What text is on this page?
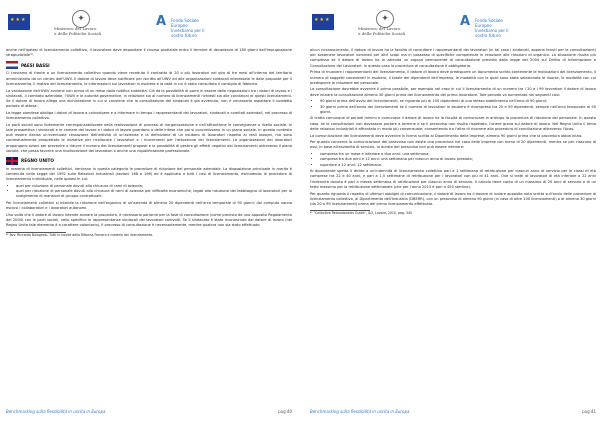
★★★
✦
Ministero del Lavoro
e delle Politiche Sociali
A Fondo Sociale Europeo Investiamo per il vostro futuro

anche nell'ipotesi di licenziamento collettivo, il lavoratore deve depositare il ricorso giudiziale entro il termine di decadenza di 180 giorni dall'impugnazione stragiudiziale⁴¹.

PAESI BASSI

Ci troviamo di fronte a un licenziamento collettivo quando viene receduto il contratto di 20 o più lavoratori nel giro di tre mesi all'interno del territorio amministrato da un centro dell'UWV. Il datore di lavoro deve notificare per iscritto all'UWV ed alle organizzazioni sindacali interessate le date proposte per il licenziamento, il motivo del licenziamento, le informazioni sui lavoratori in esubero e la data in cui è stato consultato il consiglio di fabbrica.

La valutazione dell'UWV avviene non prima di un mese dalla notifica suddetta. Ciò dà la possibilità di porre in essere delle negoziazioni tra i datori di lavoro e i sindacati, il comitato aziendale, l'UWV e le autorità governative, in relazione sia al numero di licenziamenti richiesti sia alle condizioni di questi licenziamenti. Se il datore di lavoro allega una dichiarazione in cui si conviene che la consultazione dei sindacati è già avvenuta, non è necessario aspettare il suddetto periodo di attesa.

La legge olandese obbliga i datori di lavoro a coinvolgere e a informare in tempo i rappresentanti dei lavoratori, sindacati e comitati aziendali, nel processo di licenziamento collettivo.

Le parti sociali sono fortemente corresponsabilizzate nella realizzazione di processi di riorganizzazione e nell'affrontarne le conseguenze a livello sociale. In tale prospettiva i sindacati e le camere del lavoro e i datori di lavoro guardano a delle intese che poi si concretizzano in un piano sociale. In questo contesto può essere decisa un'eventuale cessazione dell'attività di un'azienda e la definizione di un esubero di lavoratori rispetto ai reali bisogni, ma sono contestualmente prospettate le iniziative per ricollocare i lavoratori e i ricorrimenti per l'attuazione dei licenziamenti. Le organizzazioni dei lavoratori propongono azioni per prevenire o ridurre il numero dei licenziamenti proposti e la possibilità di gestire gli effetti negativi dei licenziamenti attraverso il piano sociale, che possa favorire una ricollocazione dei lavoratori o anche una riqualificazione professionale.

REGNO UNITO

In materia di licenziamenti collettivi, rientrano in questa categoria le procedure di riduzione del personale aziendale. La disposizione principale in merito è contenuta nella Legge del 1992 sulle Relazioni Industriali (sezioni 188 e 196) ed è applicata a tutti i casi di licenziamento, escludendo le procedure di licenziamento individuale, nelle ipotesi in cui:

• quel per riduzione di personale dovuti alla chiusura di rami di azienda;
• quel per riduzione di personale dovuti alla chiusura di rami di azienda per difficoltà economiche, legati alla riduzione del fabbisogno di lavoratori per lo svolgimento di mansioni di gruppo contrattuale.

Per licenziamenti collettivi si intende la riduzione dell'organico di un'azienda di almeno 20 dipendenti nell'arco temporale di 90 giorni; dal computo vanno esclusi i collaboratori e i lavoratori autonomi.

Una volta che il datore di lavoro intende avviare la procedura, è necessario parlarne per la fase di consultazione (come previsto da uno apposito Regolamento del 2004) con le parti sociali, nello specifico le rappresentanze sindacali dei lavoratori coinvolti. Se il sindacato è stato riconosciuto dal datore di lavoro (nel Regno Unito tale elemento è a carattere volontario), il processo di consultazione è necessariamente, mentre qualora non sia stato effettuato

⁴¹ Avv. Riccardo Bolognesi. Tutti in novità della Riforma Fornero e materie dei licenziamento.
Benchmarking sulla flessibilità in uscita in Europa	pag.40
★★★
✦
Ministero del Lavoro
e delle Politiche Sociali
A Fondo Sociale Europeo Investiamo per il vostro futuro

alcun riconoscimento, il datore di lavoro ha la facoltà di consultare i rappresentanti dei lavoratori (in tal caso i sindacati, appena tenuti per la consultazione) per sostenere lavoratori nominati per altri scopi ma in possesso di specifiche competenze in relazione alle riduzioni di organico. La situazione risulta più complessa se il datore di lavoro ha in azienda un organo permanente di consultazione previsto dalla legge del 2004 sul Diritto di Informazione e Consultazione dei Lavoratori: in questo caso la procedura di consultazione è obbligatoria.

Prima di muovere i rappresentanti del licenziamento, il datore di lavoro deve predisporre un documento scritto contenente le motivazioni del licenziamento, il numero di soggetti considerati in esubero, il totale dei dipendenti dell'impresa, le modalità con le quali sono state selezionate le risorse, le modalità con cui predisporre la riduzione del personale.

La consultazione dovrebbe avvenire il prima possibile, per esempio nel caso in cui il licenziamento di un numero tra i 20 e i 99 lavoratori il datore di lavoro deve iniziare la consultazione almeno 30 giorni prima del licenziamento del primo lavoratore. Tale periodo va aumentato nei seguenti casi:

• 90 giorni prima dell'avvio dei licenziamenti, se riguarda più di 100 dipendenti di uno stesso stabilimento nell'arco di 90 giorni;
• 30 giorni prima dell'avvio dei licenziamenti se il numero di lavoratori in esubero è ricompreso tra 20 e 99 dipendenti, sempre nell'arco temporale di 90 giorni.

Si tratta comunque di periodi minimi e comunque il datore di lavoro ha la facoltà di comunicare in anticipo la procedura di riduzione del personale. In questo caso, se le consultazioni non dovessero portare a termine e se il preavviso non risulta rispettato, l'onere grava sul datore di lavoro. Nel Regno Unito il tema delle relazioni industriali è affrontato in modo più consensuale; consentendo tra l'altro di ricorrere alla procedura di conciliazione attraverso l'Acas.

La comunicazione dei licenziamenti deve avvenire in forma scritta al Dipartimento delle Imprese, almeno 90 giorni prima che la procedura abbia inizio.

Per quanto concerne la comunicazione del preavviso non esiste una procedura nel caso delle imprese con meno di 20 dipendenti, mentre se per ciascuno di essi, in base all'anzianità di servizio, la durata del preavviso non può essere inferiore:

• compresa fra un mese e inferiore a due anni: una settimana;
• compresa tra due anni e 12 anni: una settimana per ciascun anno di lavoro prestato;
• superiore a 12 anni: 12 settimane.

Al dipendente spetta il diritto a un'indennità di licenziamento collettivo pari a 1 settimana di retribuzione per ciascun anno di servizio per le classi di età comprese tra 22 e 40 anni, e pari a 1,5 settimane di retribuzione per i lavoratori con più di 41 anni. Ove si tratti di lavoratori di età inferiore a 22 anni l'indennità dovuta è pari a mezza settimana di retribuzione per ciascun anno di servizio. Il calcolo tiene conto di un massimo di 20 anni di servizio e di un tetto massimo per la retribuzione settimanale (che per l'anno 2013 è pari a 450 sterline).

Per quanto riguarda il rispetto di ulteriori obblighi di comunicazione, il datore di lavoro ha il dovere di inviare apposita nota scritta sull'avvio delle procedure di licenziamento collettivo, al Dipartimento dell'Industria (DBERR), con un preavviso di almeno 90 giorni (in caso di oltre 100 licenziamenti) o di almeno 30 giorni (da 20 a 99 licenziamenti) prima del primo licenziamento effettuato.

⁴² "Collective Redundancies Guide", ILO, Lavoro, 2010, pag. 345
Benchmarking sulla flessibilità in uscita in Europa	pag.41
